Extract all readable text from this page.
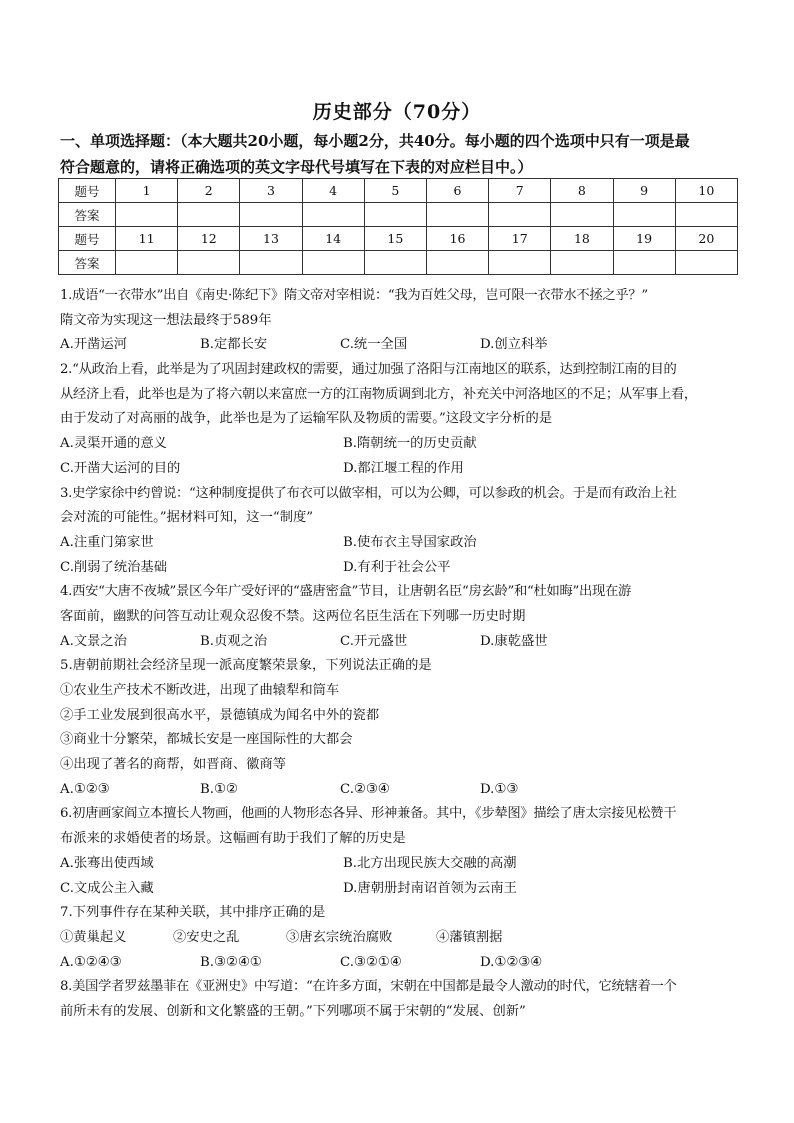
历史部分（70分）
一、单项选择题：（本大题共20小题，每小题2分，共40分。每小题的四个选项中只有一项是最
符合题意的，请将正确选项的英文字母代号填写在下表的对应栏目中。）
题号	1	2	3	4	5	6	7	8	9	10
答案										
题号	11	12	13	14	15	16	17	18	19	20
答案										
1.成语“一衣带水”出自《南史·陈纪下》隋文帝对宰相说：“我为百姓父母，岂可限一衣带水不拯之乎？”
隋文帝为实现这一想法最终于589年
A.开凿运河	B.定都长安	C.统一全国	D.创立科举
2.“从政治上看，此举是为了巩固封建政权的需要，通过加强了洛阳与江南地区的联系，达到控制江南的目的
从经济上看，此举也是为了将六朝以来富庶一方的江南物质调到北方，补充关中河洛地区的不足；从军事上看，
由于发动了对高丽的战争，此举也是为了运输军队及物质的需要。”这段文字分析的是
A.灵渠开通的意义	B.隋朝统一的历史贡献
C.开凿大运河的目的	D.都江堰工程的作用
3.史学家徐中约曾说：“这种制度提供了布衣可以做宰相，可以为公卿，可以参政的机会。于是而有政治上社
会对流的可能性。”据材料可知，这一“制度”
A.注重门第家世	B.使布衣主导国家政治
C.削弱了统治基础	D.有利于社会公平
4.西安“大唐不夜城”景区今年广受好评的“盛唐密盒”节目，让唐朝名臣“房玄龄”和“杜如晦”出现在游
客面前，幽默的问答互动让观众忍俊不禁。这两位名臣生活在下列哪一历史时期
A.文景之治	B.贞观之治	C.开元盛世	D.康乾盛世
5.唐朝前期社会经济呈现一派高度繁荣景象，下列说法正确的是
①农业生产技术不断改进，出现了曲辕犁和筒车
②手工业发展到很高水平，景德镇成为闻名中外的瓷都
③商业十分繁荣，都城长安是一座国际性的大都会
④出现了著名的商帮，如晋商、徽商等
A.①②③	B.①②	C.②③④	D.①③
6.初唐画家阎立本擅长人物画，他画的人物形态各异、形神兼备。其中，《步辇图》描绘了唐太宗接见松赞干
布派来的求婚使者的场景。这幅画有助于我们了解的历史是
A.张骞出使西域	B.北方出现民族大交融的高潮
C.文成公主入藏	D.唐朝册封南诏首领为云南王
7.下列事件存在某种关联，其中排序正确的是
①黄巢起义	②安史之乱	③唐玄宗统治腐败	④藩镇割据
A.①②④③	B.③②④①	C.③②①④	D.①②③④
8.美国学者罗兹墨菲在《亚洲史》中写道：“在许多方面，宋朝在中国都是最令人激动的时代，它统辖着一个
前所未有的发展、创新和文化繁盛的王朝。”下列哪项不属于宋朝的“发展、创新”
